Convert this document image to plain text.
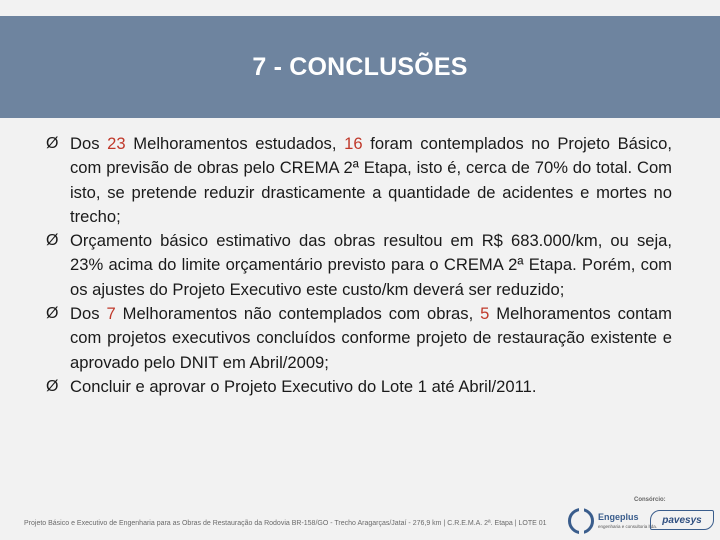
7 - CONCLUSÕES
Ø Dos 23 Melhoramentos estudados, 16 foram contemplados no Projeto Básico, com previsão de obras pelo CREMA 2ª Etapa, isto é, cerca de 70% do total. Com isto, se pretende reduzir drasticamente a quantidade de acidentes e mortes no trecho;
Ø Orçamento básico estimativo das obras resultou em R$ 683.000/km, ou seja, 23% acima do limite orçamentário previsto para o CREMA 2ª Etapa. Porém, com os ajustes do Projeto Executivo este custo/km deverá ser reduzido;
Ø Dos 7 Melhoramentos não contemplados com obras, 5 Melhoramentos contam com projetos executivos concluídos conforme projeto de restauração existente e aprovado pelo DNIT em Abril/2009;
Ø Concluir e aprovar o Projeto Executivo do Lote 1 até Abril/2011.
Projeto Básico e Executivo de Engenharia para as Obras de Restauração da Rodovia BR-158/GO - Trecho Aragarças/Jataí - 276,9 km | C.R.E.M.A. 2ª. Etapa | LOTE 01
Consórcio:
Engeplus
engenharia e consultoria ltda.
pavesys
